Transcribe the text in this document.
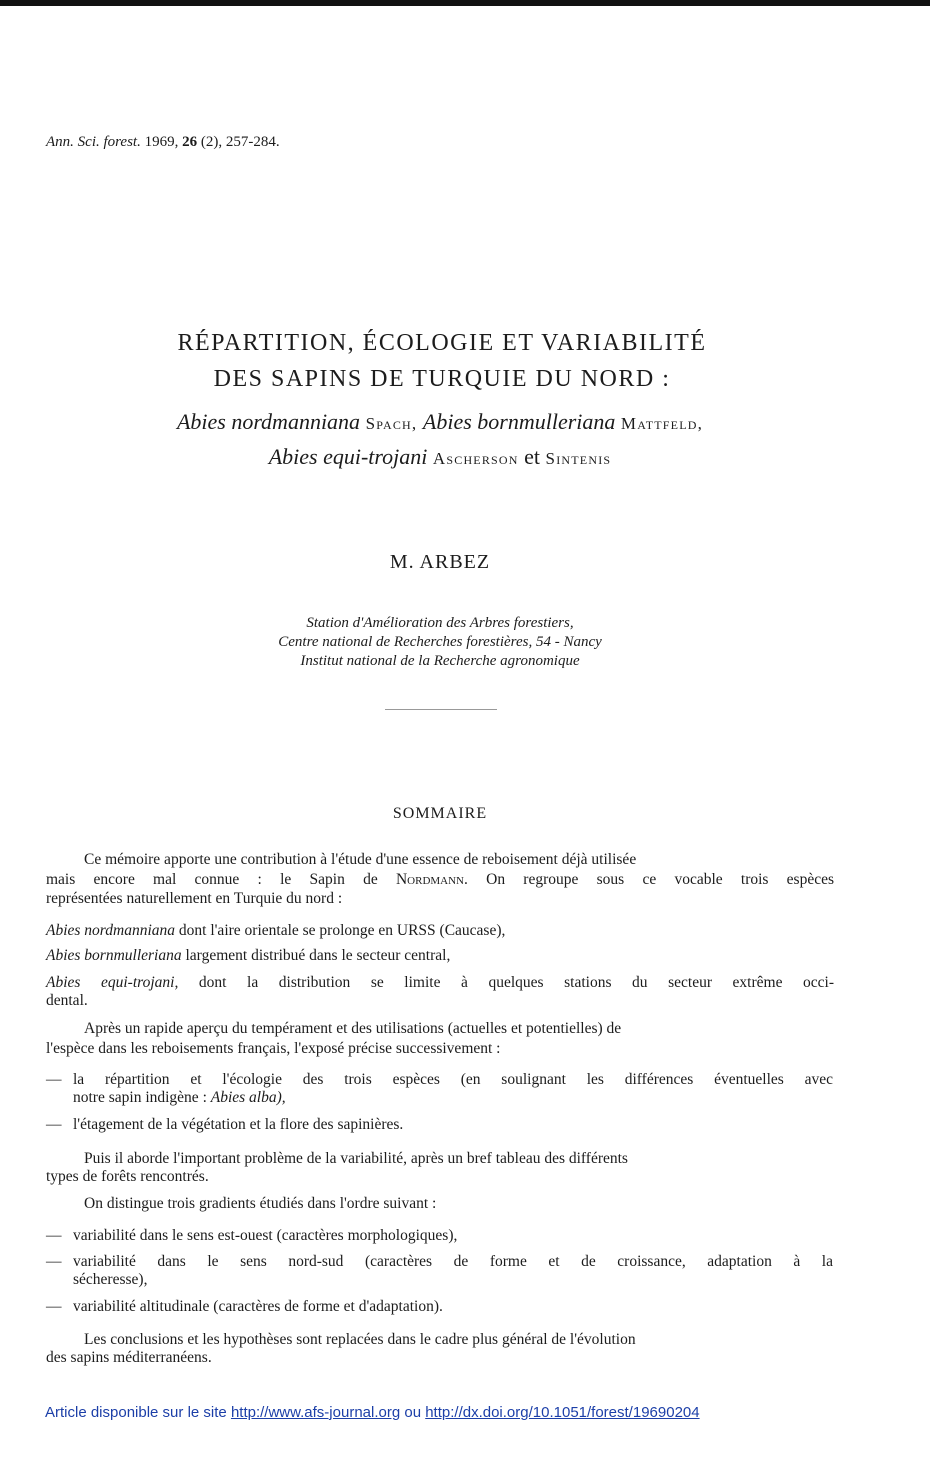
Ann. Sci. forest. 1969, 26 (2), 257-284.
RÉPARTITION, ÉCOLOGIE ET VARIABILITÉ
DES SAPINS DE TURQUIE DU NORD :
Abies nordmanniana Spach, Abies bornmulleriana Mattfeld,
Abies equi-trojani Ascherson et Sintenis
M. ARBEZ
Station d'Amélioration des Arbres forestiers,
Centre national de Recherches forestières, 54 - Nancy
Institut national de la Recherche agronomique
SOMMAIRE
Ce mémoire apporte une contribution à l'étude d'une essence de reboisement déjà utilisée
mais encore mal connue : le Sapin de Nordmann. On regroupe sous ce vocable trois espèces
représentées naturellement en Turquie du nord :
Abies nordmanniana dont l'aire orientale se prolonge en URSS (Caucase),
Abies bornmulleriana largement distribué dans le secteur central,
Abies equi-trojani, dont la distribution se limite à quelques stations du secteur extrême occi-
dental.
Après un rapide aperçu du tempérament et des utilisations (actuelles et potentielles) de
l'espèce dans les reboisements français, l'exposé précise successivement :
— la répartition et l'écologie des trois espèces (en soulignant les différences éventuelles avec
notre sapin indigène : Abies alba),
— l'étagement de la végétation et la flore des sapinières.
Puis il aborde l'important problème de la variabilité, après un bref tableau des différents
types de forêts rencontrés.
On distingue trois gradients étudiés dans l'ordre suivant :
— variabilité dans le sens est-ouest (caractères morphologiques),
— variabilité dans le sens nord-sud (caractères de forme et de croissance, adaptation à la
sécheresse),
— variabilité altitudinale (caractères de forme et d'adaptation).
Les conclusions et les hypothèses sont replacées dans le cadre plus général de l'évolution
des sapins méditerranéens.
Article disponible sur le site http://www.afs-journal.org ou http://dx.doi.org/10.1051/forest/19690204
